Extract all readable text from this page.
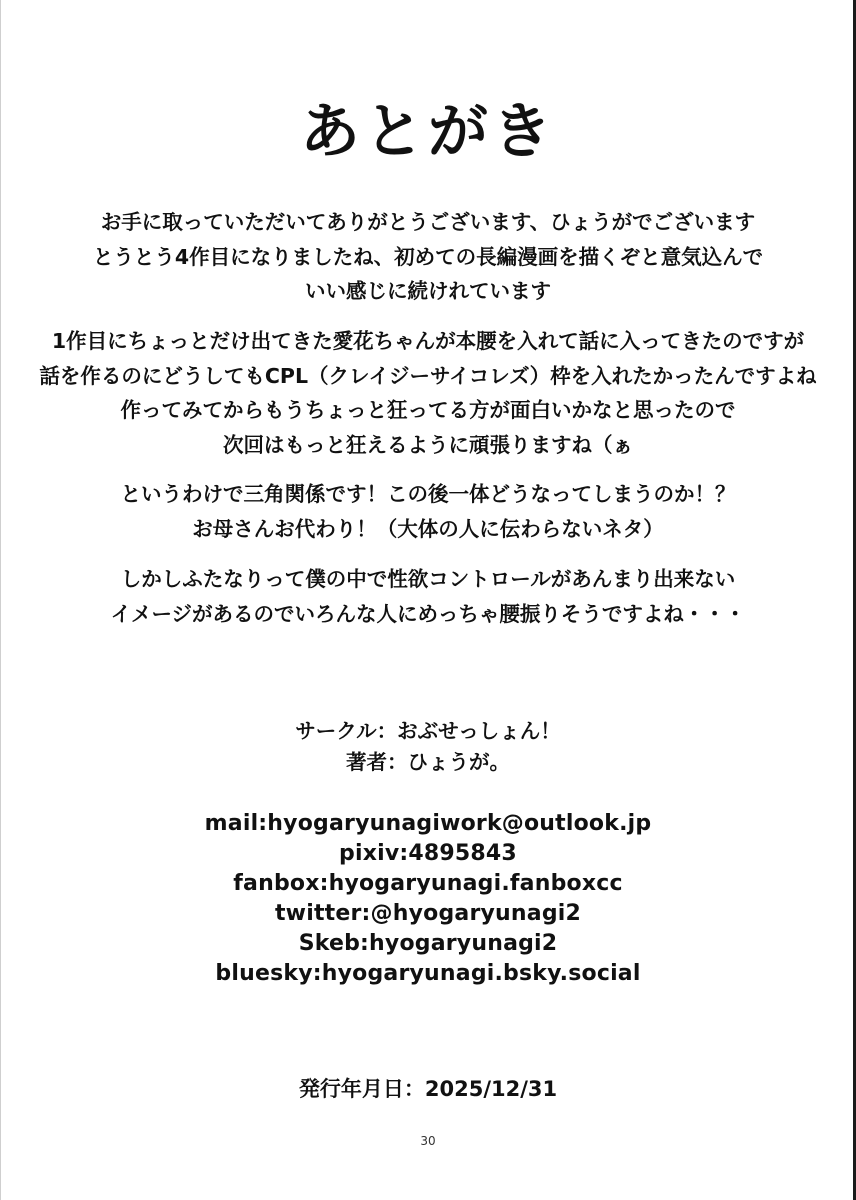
あとがき
お手に取っていただいてありがとうございます、ひょうがでございます
とうとう4作目になりましたね、初めての長編漫画を描くぞと意気込んで
いい感じに続けれています
1作目にちょっとだけ出てきた愛花ちゃんが本腰を入れて話に入ってきたのですが
話を作るのにどうしてもCPL（クレイジーサイコレズ）枠を入れたかったんですよね
作ってみてからもうちょっと狂ってる方が面白いかなと思ったので
次回はもっと狂えるように頑張りますね（ぁ
というわけで三角関係です！この後一体どうなってしまうのか！？
お母さんお代わり！（大体の人に伝わらないネタ）
しかしふたなりって僕の中で性欲コントロールがあんまり出来ない
イメージがあるのでいろんな人にめっちゃ腰振りそうですよね・・・
サークル：おぶせっしょん！
著者：ひょうが。
mail:hyogaryunagiwork@outlook.jp
pixiv:4895843
fanbox:hyogaryunagi.fanboxcc
twitter:@hyogaryunagi2
Skeb:hyogaryunagi2
bluesky:hyogaryunagi.bsky.social
発行年月日：2025/12/31
30
